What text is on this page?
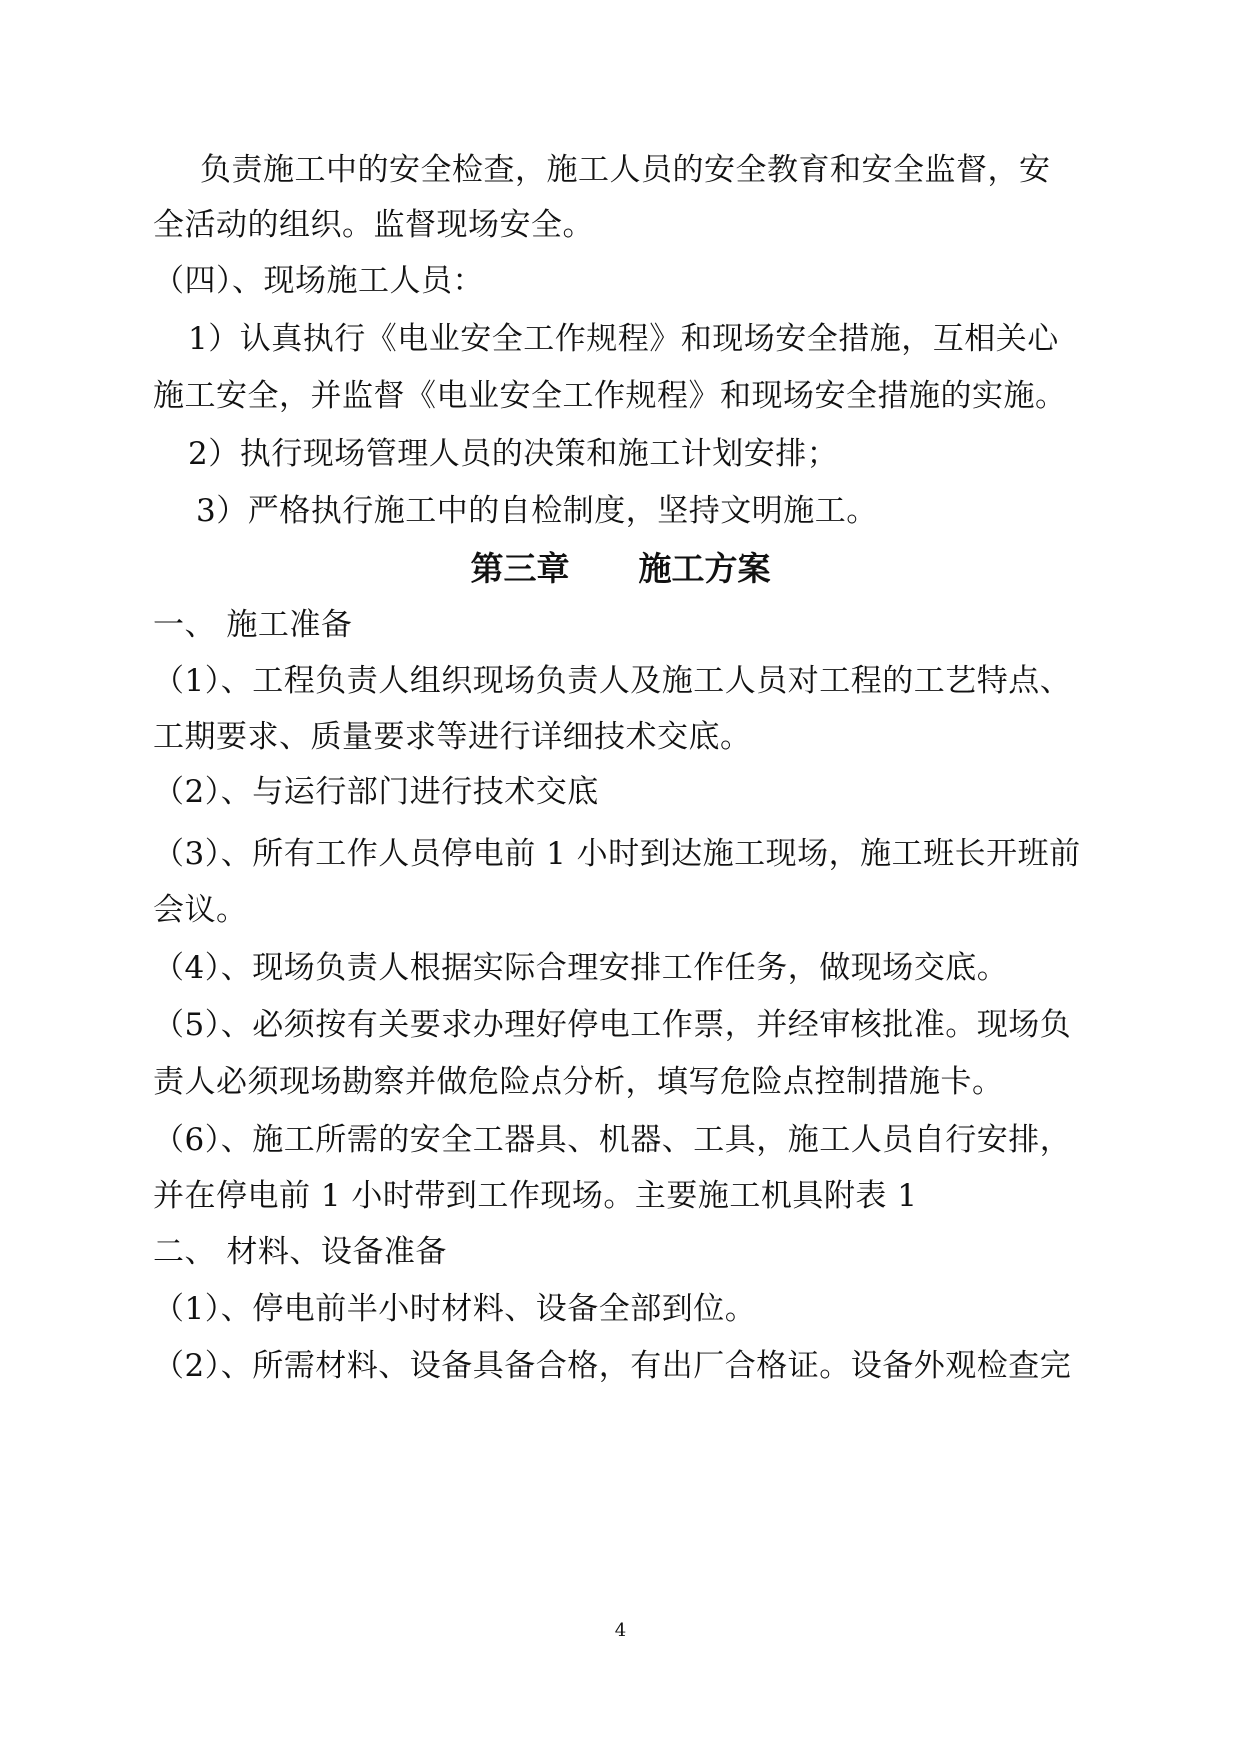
负责施工中的安全检查，施工人员的安全教育和安全监督，安
全活动的组织。监督现场安全。
（四）、现场施工人员：
1）认真执行《电业安全工作规程》和现场安全措施，互相关心
施工安全，并监督《电业安全工作规程》和现场安全措施的实施。
2）执行现场管理人员的决策和施工计划安排；
3）严格执行施工中的自检制度，坚持文明施工。
第三章      施工方案
一、 施工准备
（1）、工程负责人组织现场负责人及施工人员对工程的工艺特点、
工期要求、质量要求等进行详细技术交底。
（2）、与运行部门进行技术交底
（3）、所有工作人员停电前 1 小时到达施工现场，施工班长开班前
会议。
（4）、现场负责人根据实际合理安排工作任务，做现场交底。
（5）、必须按有关要求办理好停电工作票，并经审核批准。现场负
责人必须现场勘察并做危险点分析，填写危险点控制措施卡。
（6）、施工所需的安全工器具、机器、工具，施工人员自行安排，
并在停电前 1 小时带到工作现场。主要施工机具附表 1
二、 材料、设备准备
（1）、停电前半小时材料、设备全部到位。
（2）、所需材料、设备具备合格，有出厂合格证。设备外观检查完
4
